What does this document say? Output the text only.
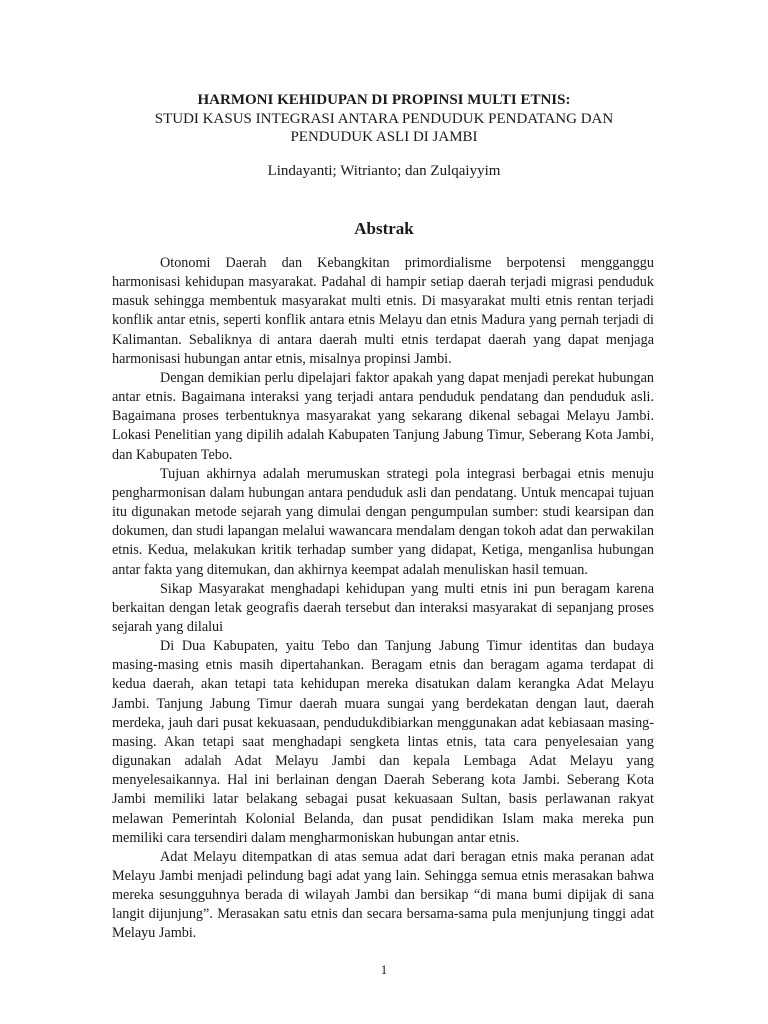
HARMONI KEHIDUPAN DI PROPINSI MULTI ETNIS:
STUDI KASUS INTEGRASI ANTARA PENDUDUK PENDATANG DAN
PENDUDUK ASLI DI JAMBI
Lindayanti; Witrianto; dan Zulqaiyyim
Abstrak

Otonomi Daerah dan Kebangkitan primordialisme berpotensi mengganggu harmonisasi kehidupan masyarakat. Padahal di hampir setiap daerah terjadi migrasi penduduk masuk sehingga membentuk masyarakat multi etnis. Di masyarakat multi etnis rentan terjadi konflik antar etnis, seperti konflik antara etnis Melayu dan etnis Madura yang pernah terjadi di Kalimantan. Sebaliknya di antara daerah multi etnis terdapat daerah yang dapat menjaga harmonisasi hubungan antar etnis, misalnya propinsi Jambi.

Dengan demikian perlu dipelajari faktor apakah yang dapat menjadi perekat hubungan antar etnis. Bagaimana interaksi yang terjadi antara penduduk pendatang dan penduduk asli. Bagaimana proses terbentuknya masyarakat yang sekarang dikenal sebagai Melayu Jambi. Lokasi Penelitian yang dipilih adalah Kabupaten Tanjung Jabung Timur, Seberang Kota Jambi, dan Kabupaten Tebo.

Tujuan akhirnya adalah merumuskan strategi pola integrasi berbagai etnis menuju pengharmonisan dalam hubungan antara penduduk asli dan pendatang. Untuk mencapai tujuan itu digunakan metode sejarah yang dimulai dengan pengumpulan sumber: studi kearsipan dan dokumen, dan studi lapangan melalui wawancara mendalam dengan tokoh adat dan perwakilan etnis. Kedua, melakukan kritik terhadap sumber yang didapat, Ketiga, menganlisa hubungan antar fakta yang ditemukan, dan akhirnya keempat adalah menuliskan hasil temuan.

Sikap Masyarakat menghadapi kehidupan yang multi etnis ini pun beragam karena berkaitan dengan letak geografis daerah tersebut dan interaksi masyarakat di sepanjang proses sejarah yang dilalui

Di Dua Kabupaten, yaitu Tebo dan Tanjung Jabung Timur identitas dan budaya masing-masing etnis masih dipertahankan. Beragam etnis dan beragam agama terdapat di kedua daerah, akan tetapi tata kehidupan mereka disatukan dalam kerangka Adat Melayu Jambi. Tanjung Jabung Timur daerah muara sungai yang berdekatan dengan laut, daerah merdeka, jauh dari pusat kekuasaan, pendudukdibiarkan menggunakan adat kebiasaan masing-masing. Akan tetapi saat menghadapi sengketa lintas etnis, tata cara penyelesaian yang digunakan adalah Adat Melayu Jambi dan kepala Lembaga Adat Melayu yang menyelesaikannya. Hal ini berlainan dengan Daerah Seberang kota Jambi. Seberang Kota Jambi memiliki latar belakang sebagai pusat kekuasaan Sultan, basis perlawanan rakyat melawan Pemerintah Kolonial Belanda, dan pusat pendidikan Islam maka mereka pun memiliki cara tersendiri dalam mengharmoniskan hubungan antar etnis.

Adat Melayu ditempatkan di atas semua adat dari beragan etnis maka peranan adat Melayu Jambi menjadi pelindung bagi adat yang lain. Sehingga semua etnis merasakan bahwa mereka sesungguhnya berada di wilayah Jambi dan bersikap “di mana bumi dipijak di sana langit dijunjung”. Merasakan satu etnis dan secara bersama-sama pula menjunjung tinggi adat Melayu Jambi.

1
